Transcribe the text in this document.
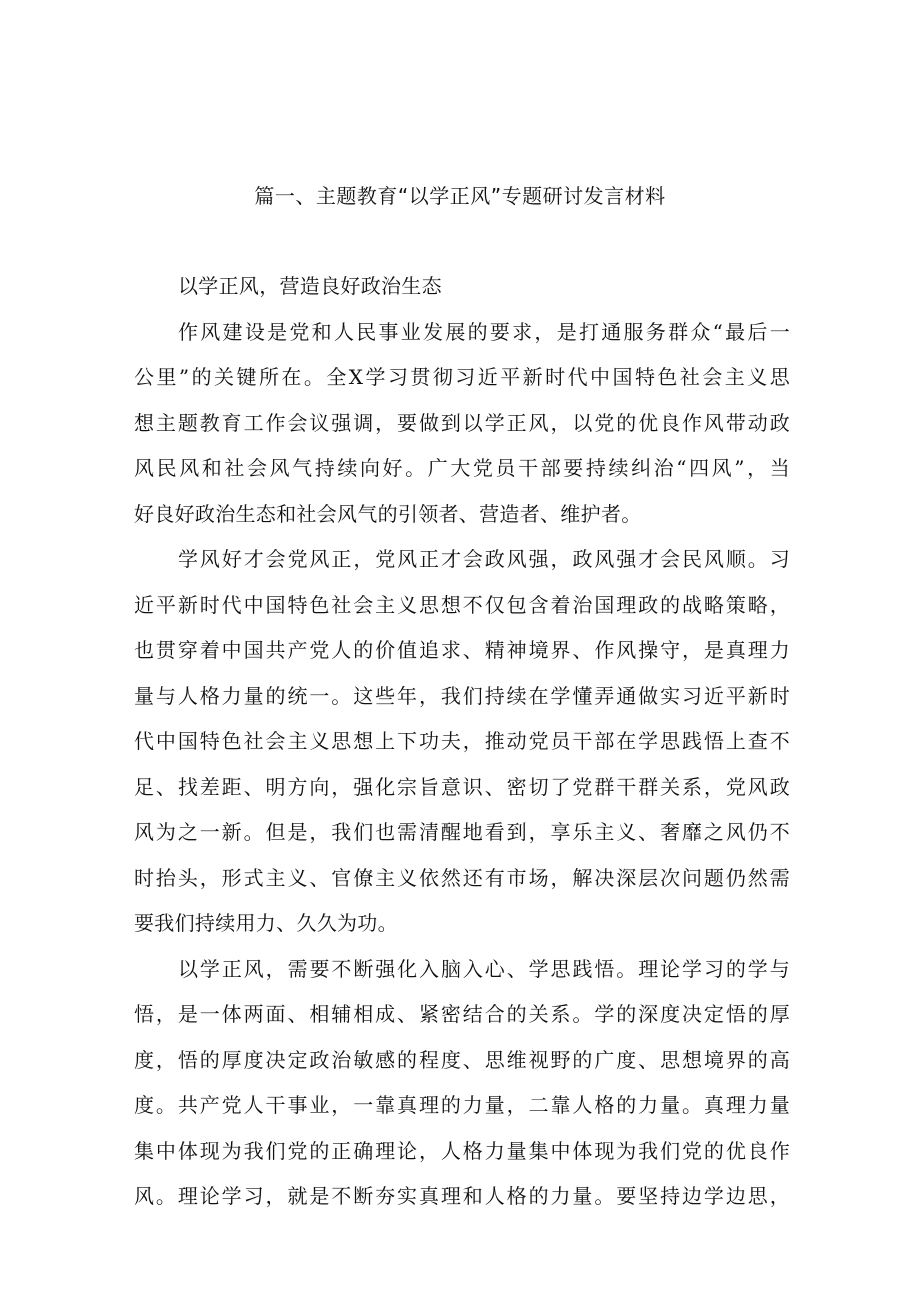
篇一、主题教育“以学正风”专题研讨发言材料
以学正风，营造良好政治生态
作风建设是党和人民事业发展的要求，是打通服务群众“最后一
公里”的关键所在。全X学习贯彻习近平新时代中国特色社会主义思
想主题教育工作会议强调，要做到以学正风，以党的优良作风带动政
风民风和社会风气持续向好。广大党员干部要持续纠治“四风”，当
好良好政治生态和社会风气的引领者、营造者、维护者。
学风好才会党风正，党风正才会政风强，政风强才会民风顺。习
近平新时代中国特色社会主义思想不仅包含着治国理政的战略策略，
也贯穿着中国共产党人的价值追求、精神境界、作风操守，是真理力
量与人格力量的统一。这些年，我们持续在学懂弄通做实习近平新时
代中国特色社会主义思想上下功夫，推动党员干部在学思践悟上查不
足、找差距、明方向，强化宗旨意识、密切了党群干群关系，党风政
风为之一新。但是，我们也需清醒地看到，享乐主义、奢靡之风仍不
时抬头，形式主义、官僚主义依然还有市场，解决深层次问题仍然需
要我们持续用力、久久为功。
以学正风，需要不断强化入脑入心、学思践悟。理论学习的学与
悟，是一体两面、相辅相成、紧密结合的关系。学的深度决定悟的厚
度，悟的厚度决定政治敏感的程度、思维视野的广度、思想境界的高
度。共产党人干事业，一靠真理的力量，二靠人格的力量。真理力量
集中体现为我们党的正确理论，人格力量集中体现为我们党的优良作
风。理论学习，就是不断夯实真理和人格的力量。要坚持边学边思，
